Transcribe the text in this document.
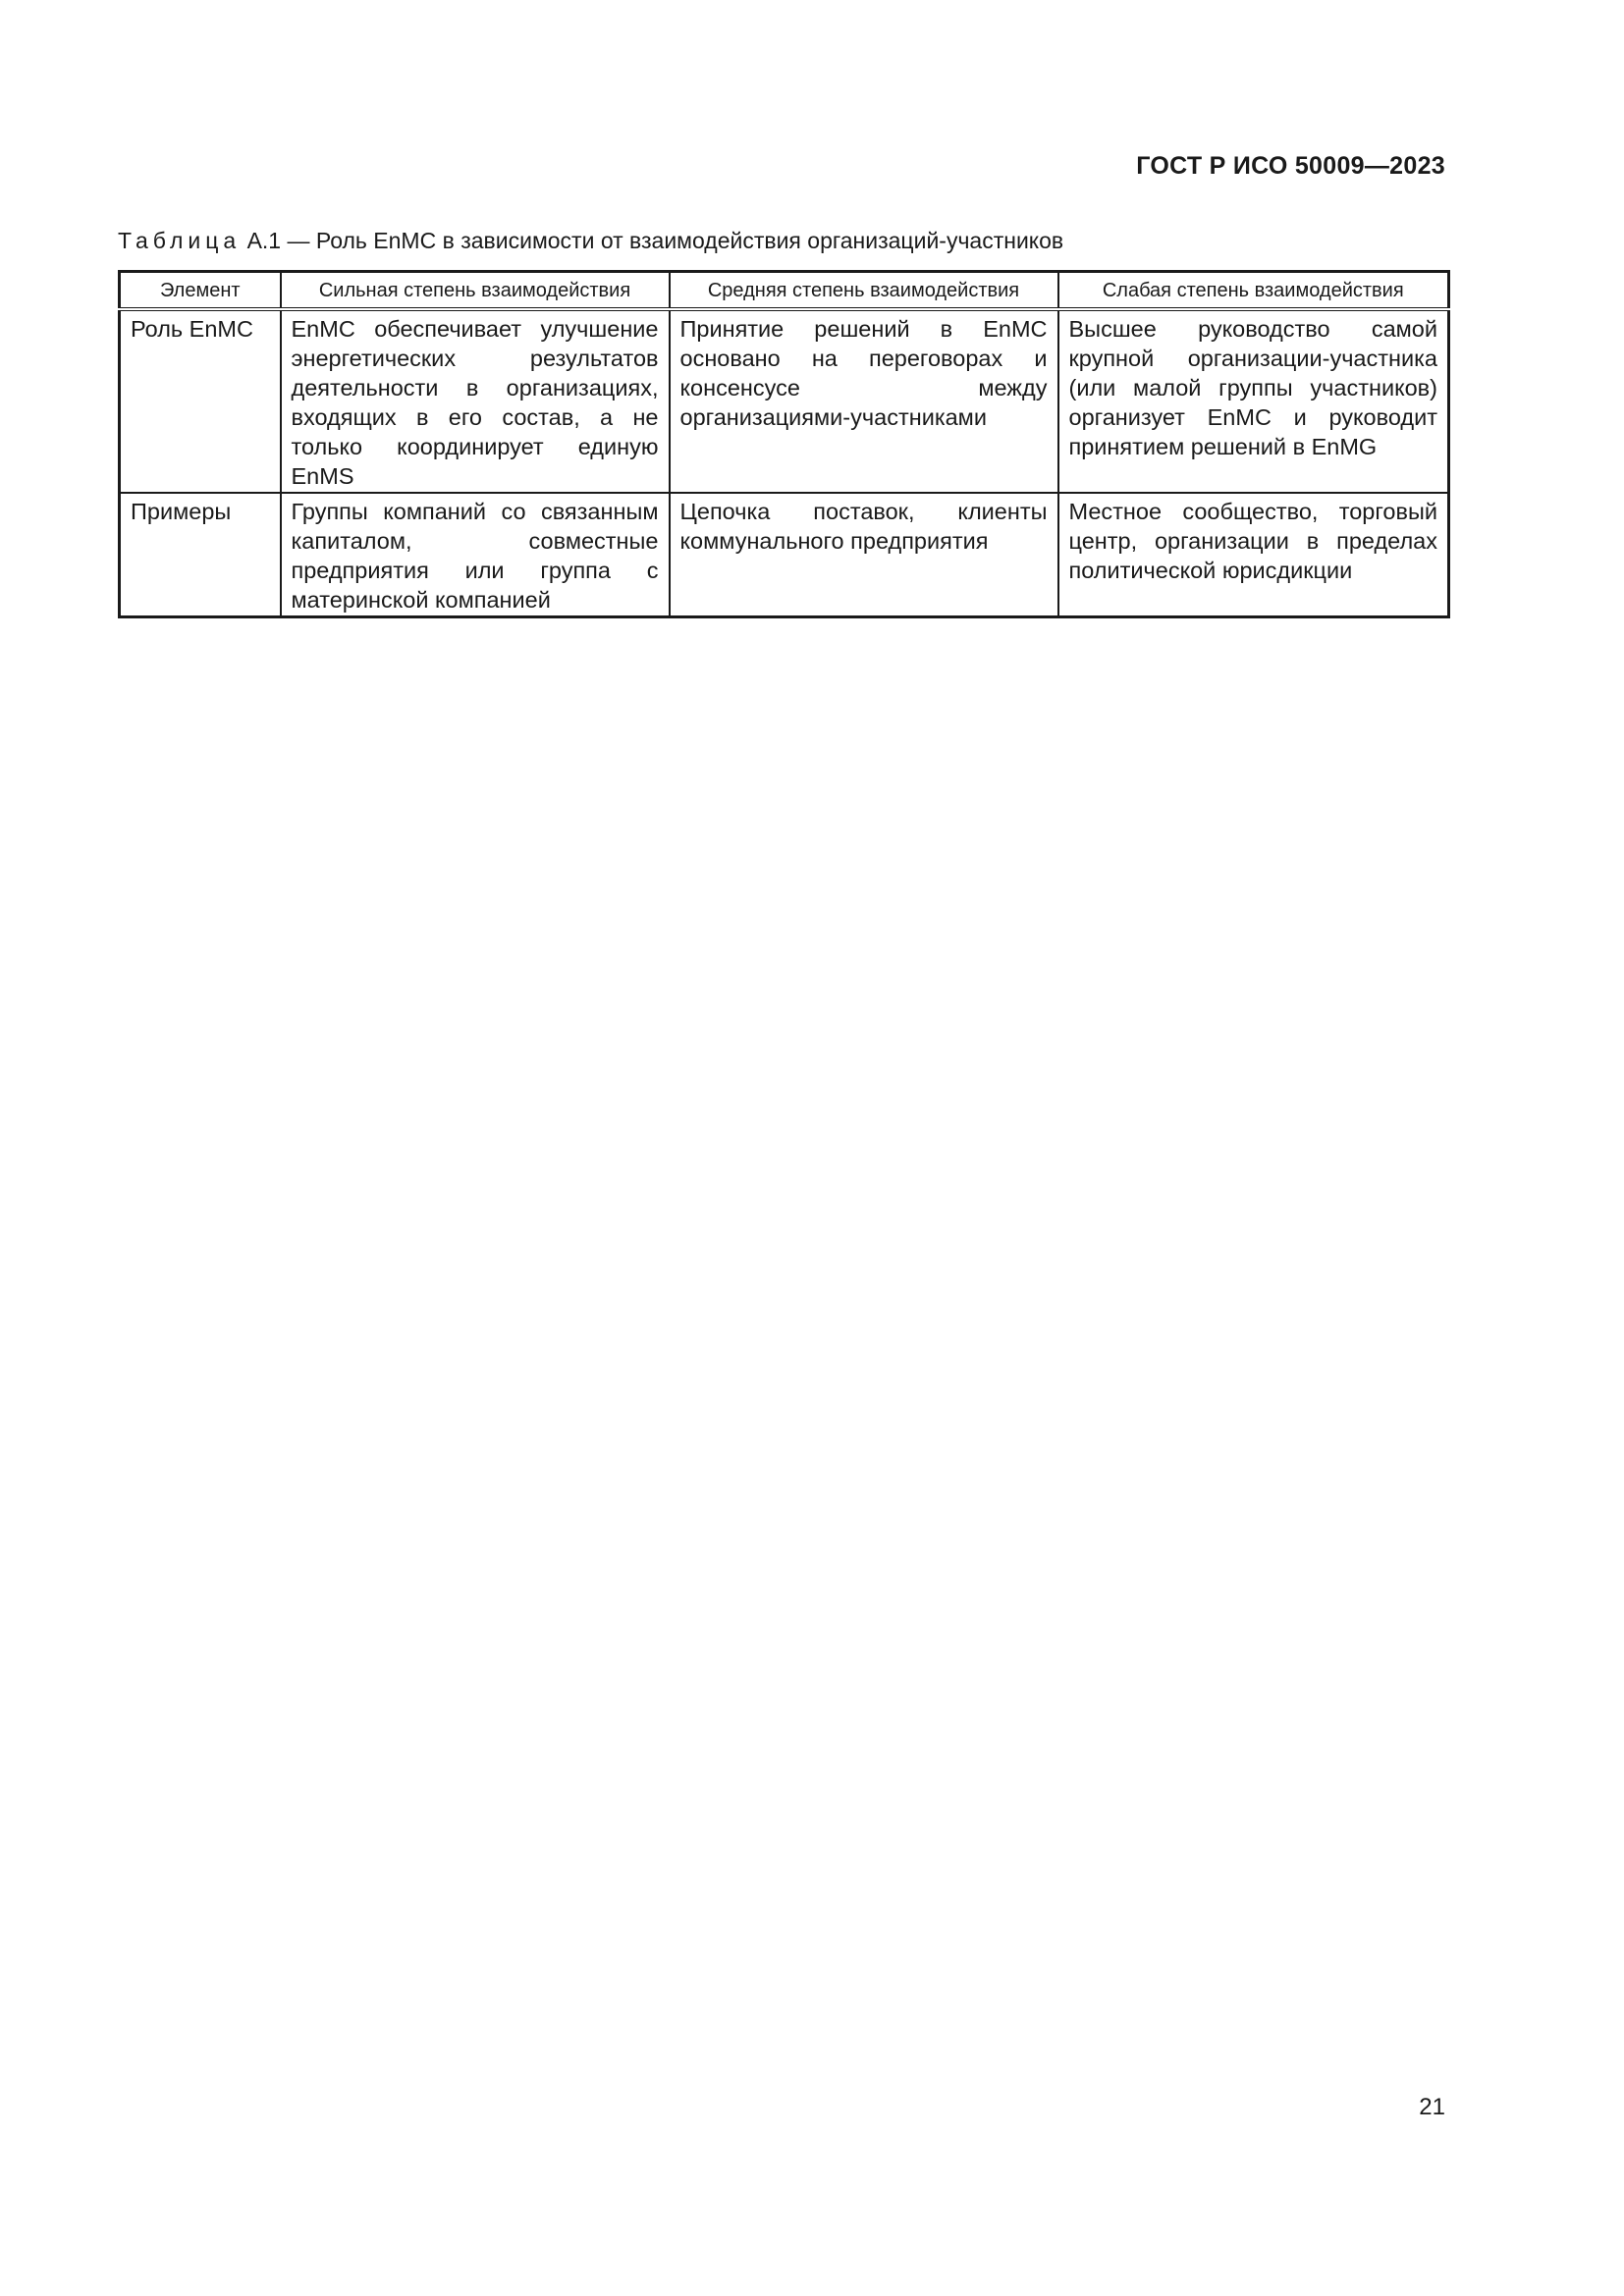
ГОСТ Р ИСО 50009—2023
Таблица А.1 — Роль EnMC в зависимости от взаимодействия организаций-участников
Элемент	Сильная степень взаимодействия	Средняя степень взаимодействия	Слабая степень взаимодействия
Роль EnMC	EnMC обеспечивает улучшение энергетических результатов деятельности в организациях, входящих в его состав, а не только координирует единую EnMS	Принятие решений в EnMC основано на переговорах и консенсусе между организациями-участниками	Высшее руководство самой крупной организации-участника (или малой группы участников) организует EnMC и руководит принятием решений в EnMG
Примеры	Группы компаний со связанным капиталом, совместные предприятия или группа с материнской компанией	Цепочка поставок, клиенты коммунального предприятия	Местное сообщество, торговый центр, организации в пределах политической юрисдикции
21
